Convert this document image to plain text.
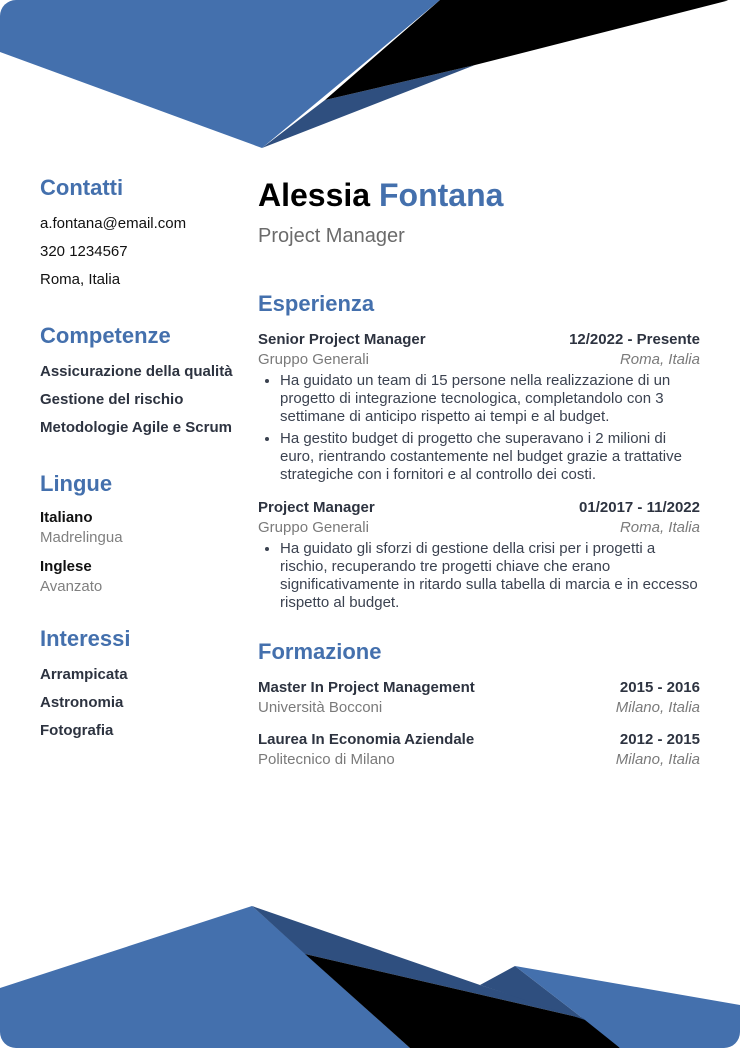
Contatti
a.fontana@email.com
320 1234567
Roma, Italia
Competenze
Assicurazione della qualità
Gestione del rischio
Metodologie Agile e Scrum
Lingue
Italiano
Madrelingua
Inglese
Avanzato
Interessi
Arrampicata
Astronomia
Fotografia
Alessia Fontana
Project Manager
Esperienza
Senior Project Manager	12/2022 - Presente
Gruppo Generali	Roma, Italia
• Ha guidato un team di 15 persone nella realizzazione di un progetto di integrazione tecnologica, completandolo con 3 settimane di anticipo rispetto ai tempi e al budget.
• Ha gestito budget di progetto che superavano i 2 milioni di euro, rientrando costantemente nel budget grazie a trattative strategiche con i fornitori e al controllo dei costi.
Project Manager	01/2017 - 11/2022
Gruppo Generali	Roma, Italia
• Ha guidato gli sforzi di gestione della crisi per i progetti a rischio, recuperando tre progetti chiave che erano significativamente in ritardo sulla tabella di marcia e in eccesso rispetto al budget.
Formazione
Master In Project Management	2015 - 2016
Università Bocconi	Milano, Italia
Laurea In Economia Aziendale	2012 - 2015
Politecnico di Milano	Milano, Italia
